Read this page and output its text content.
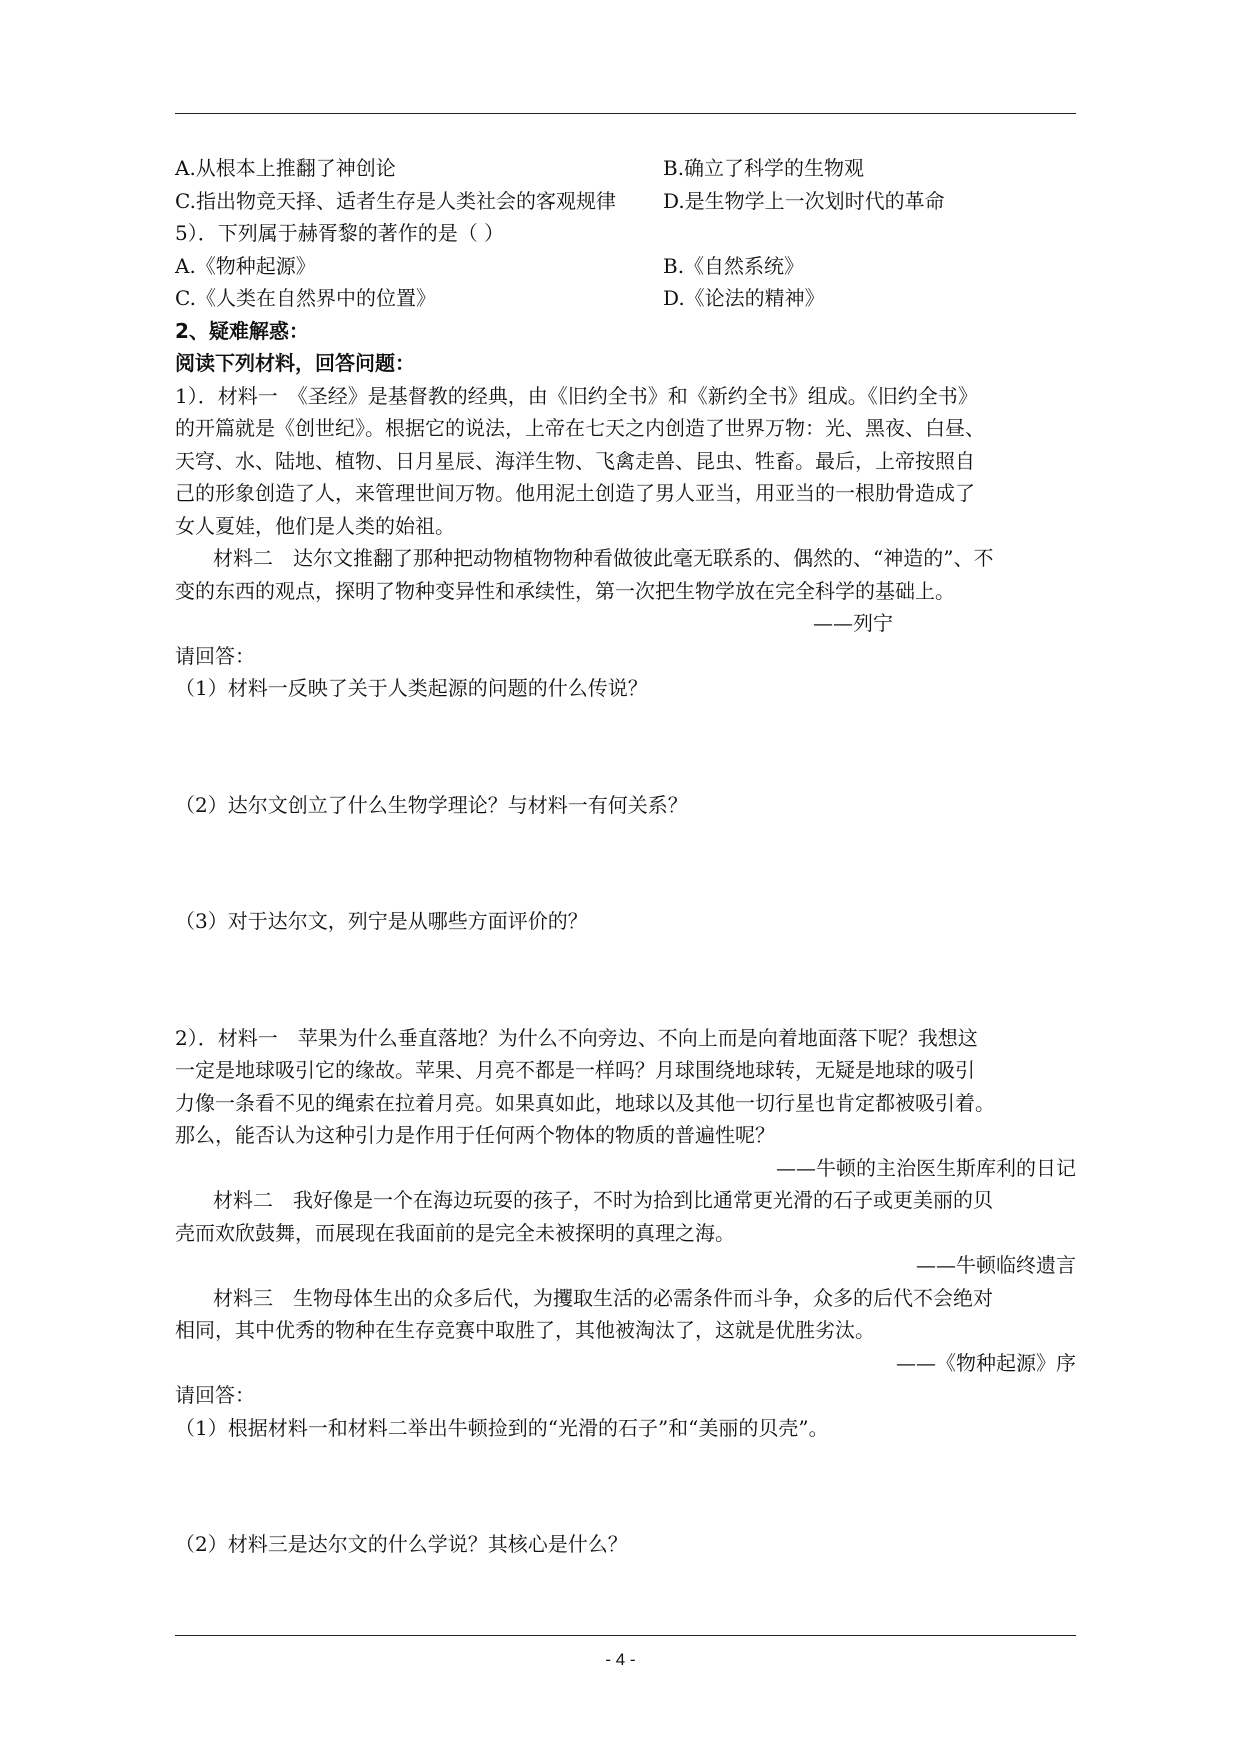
A.从根本上推翻了神创论	B.确立了科学的生物观
C.指出物竞天择、适者生存是人类社会的客观规律	D.是生物学上一次划时代的革命
5）．下列属于赫胥黎的著作的是（ ）
A.《物种起源》	B.《自然系统》
C.《人类在自然界中的位置》	D.《论法的精神》
2、疑难解惑：
阅读下列材料，回答问题：
1）．材料一　《圣经》是基督教的经典，由《旧约全书》和《新约全书》组成。《旧约全书》
的开篇就是《创世纪》。根据它的说法，上帝在七天之内创造了世界万物：光、黑夜、白昼、
天穹、水、陆地、植物、日月星辰、海洋生物、飞禽走兽、昆虫、牲畜。最后，上帝按照自
己的形象创造了人，来管理世间万物。他用泥土创造了男人亚当，用亚当的一根肋骨造成了
女人夏娃，他们是人类的始祖。
材料二　达尔文推翻了那种把动物植物物种看做彼此毫无联系的、偶然的、“神造的”、不
变的东西的观点，探明了物种变异性和承续性，第一次把生物学放在完全科学的基础上。
——列宁
请回答：
（1）材料一反映了关于人类起源的问题的什么传说？
（2）达尔文创立了什么生物学理论？与材料一有何关系？
（3）对于达尔文，列宁是从哪些方面评价的？
2）．材料一　苹果为什么垂直落地？为什么不向旁边、不向上而是向着地面落下呢？我想这
一定是地球吸引它的缘故。苹果、月亮不都是一样吗？月球围绕地球转，无疑是地球的吸引
力像一条看不见的绳索在拉着月亮。如果真如此，地球以及其他一切行星也肯定都被吸引着。
那么，能否认为这种引力是作用于任何两个物体的物质的普遍性呢？
——牛顿的主治医生斯库利的日记
材料二　我好像是一个在海边玩耍的孩子，不时为拾到比通常更光滑的石子或更美丽的贝
壳而欢欣鼓舞，而展现在我面前的是完全未被探明的真理之海。
——牛顿临终遗言
材料三　生物母体生出的众多后代，为攫取生活的必需条件而斗争，众多的后代不会绝对
相同，其中优秀的物种在生存竞赛中取胜了，其他被淘汰了，这就是优胜劣汰。
——《物种起源》序
请回答：
（1）根据材料一和材料二举出牛顿捡到的“光滑的石子”和“美丽的贝壳”。
（2）材料三是达尔文的什么学说？其核心是什么？
- 4 -
